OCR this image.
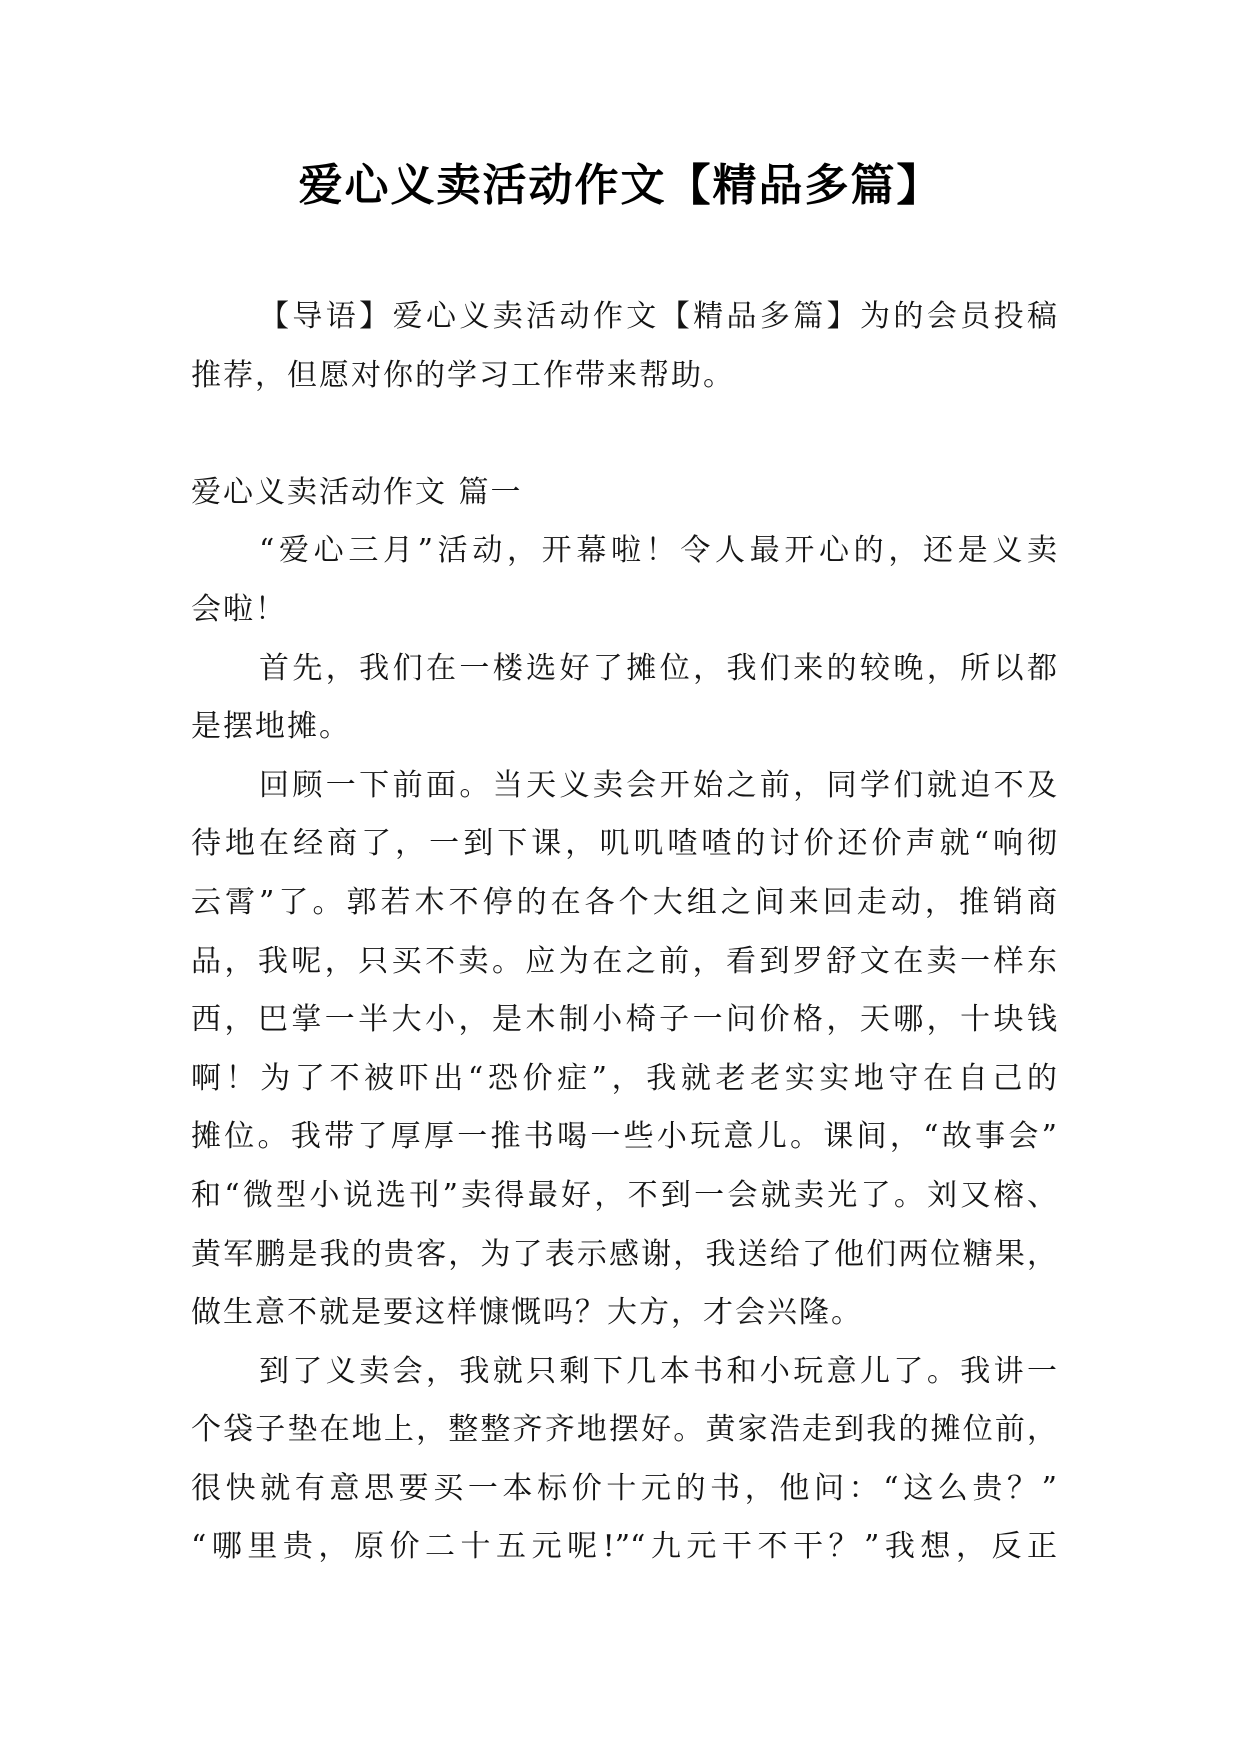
爱心义卖活动作文【精品多篇】
【导语】爱心义卖活动作文【精品多篇】为的会员投稿
推荐，但愿对你的学习工作带来帮助。
爱心义卖活动作文 篇一
“爱心三月”活动，开幕啦！令人最开心的，还是义卖
会啦！
首先，我们在一楼选好了摊位，我们来的较晚，所以都
是摆地摊。
回顾一下前面。当天义卖会开始之前，同学们就迫不及
待地在经商了，一到下课，叽叽喳喳的讨价还价声就“响彻
云霄”了。郭若木不停的在各个大组之间来回走动，推销商
品，我呢，只买不卖。应为在之前，看到罗舒文在卖一样东
西，巴掌一半大小，是木制小椅子一问价格，天哪，十块钱
啊！为了不被吓出“恐价症”，我就老老实实地守在自己的
摊位。我带了厚厚一推书喝一些小玩意儿。课间，“故事会”
和“微型小说选刊”卖得最好，不到一会就卖光了。刘又榕、
黄军鹏是我的贵客，为了表示感谢，我送给了他们两位糖果，
做生意不就是要这样慷慨吗？大方，才会兴隆。
到了义卖会，我就只剩下几本书和小玩意儿了。我讲一
个袋子垫在地上，整整齐齐地摆好。黄家浩走到我的摊位前，
很快就有意思要买一本标价十元的书，他问：“这么贵？”
“哪里贵，原价二十五元呢!”“九元干不干？”我想，反正
